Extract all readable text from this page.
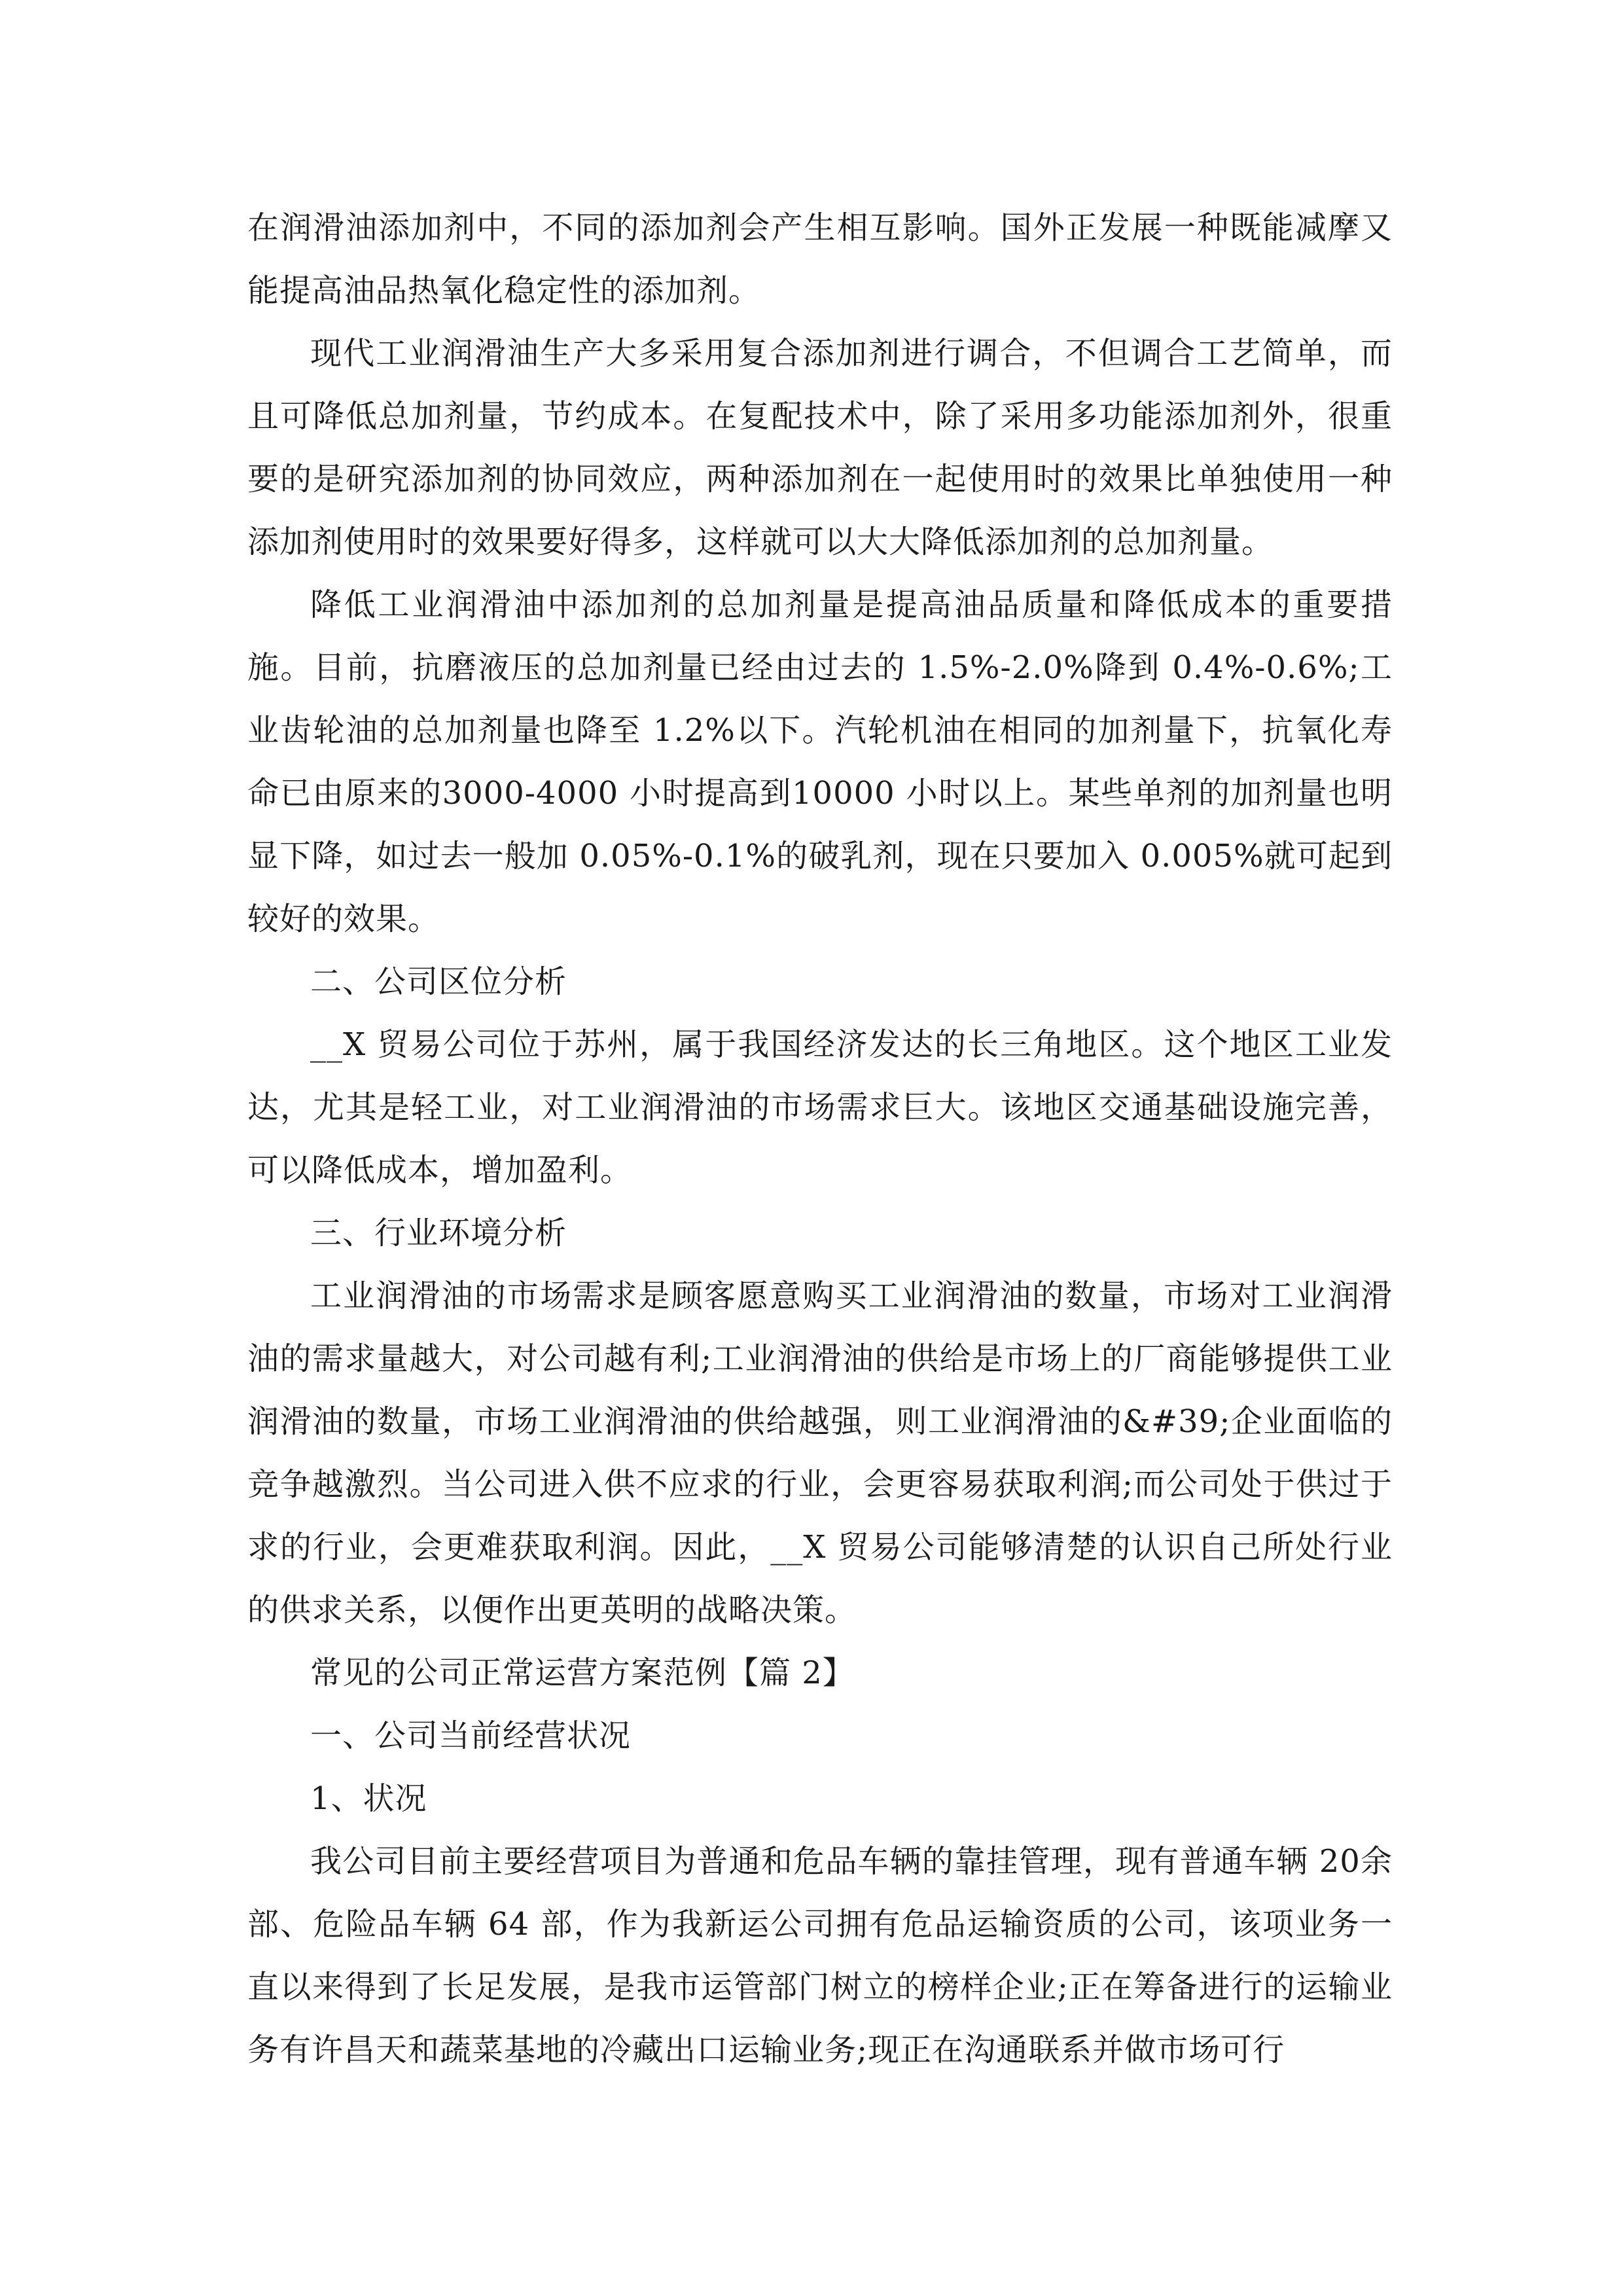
在润滑油添加剂中，不同的添加剂会产生相互影响。国外正发展一种既能减摩又能提高油品热氧化稳定性的添加剂。

现代工业润滑油生产大多采用复合添加剂进行调合，不但调合工艺简单，而且可降低总加剂量，节约成本。在复配技术中，除了采用多功能添加剂外，很重要的是研究添加剂的协同效应，两种添加剂在一起使用时的效果比单独使用一种添加剂使用时的效果要好得多，这样就可以大大降低添加剂的总加剂量。

降低工业润滑油中添加剂的总加剂量是提高油品质量和降低成本的重要措施。目前，抗磨液压的总加剂量已经由过去的 1.5%-2.0%降到 0.4%-0.6%;工业齿轮油的总加剂量也降至 1.2%以下。汽轮机油在相同的加剂量下，抗氧化寿命已由原来的3000-4000 小时提高到10000 小时以上。某些单剂的加剂量也明显下降，如过去一般加 0.05%-0.1%的破乳剂，现在只要加入 0.005%就可起到较好的效果。

二、公司区位分析

__X 贸易公司位于苏州，属于我国经济发达的长三角地区。这个地区工业发达，尤其是轻工业，对工业润滑油的市场需求巨大。该地区交通基础设施完善，可以降低成本，增加盈利。

三、行业环境分析

工业润滑油的市场需求是顾客愿意购买工业润滑油的数量，市场对工业润滑油的需求量越大，对公司越有利;工业润滑油的供给是市场上的厂商能够提供工业润滑油的数量，市场工业润滑油的供给越强，则工业润滑油的&#39;企业面临的竞争越激烈。当公司进入供不应求的行业，会更容易获取利润;而公司处于供过于求的行业，会更难获取利润。因此，__X 贸易公司能够清楚的认识自己所处行业的供求关系，以便作出更英明的战略决策。

常见的公司正常运营方案范例【篇 2】

一、公司当前经营状况

1、状况

我公司目前主要经营项目为普通和危品车辆的靠挂管理，现有普通车辆 20余部、危险品车辆 64 部，作为我新运公司拥有危品运输资质的公司，该项业务一直以来得到了长足发展，是我市运管部门树立的榜样企业;正在筹备进行的运输业务有许昌天和蔬菜基地的冷藏出口运输业务;现正在沟通联系并做市场可行
